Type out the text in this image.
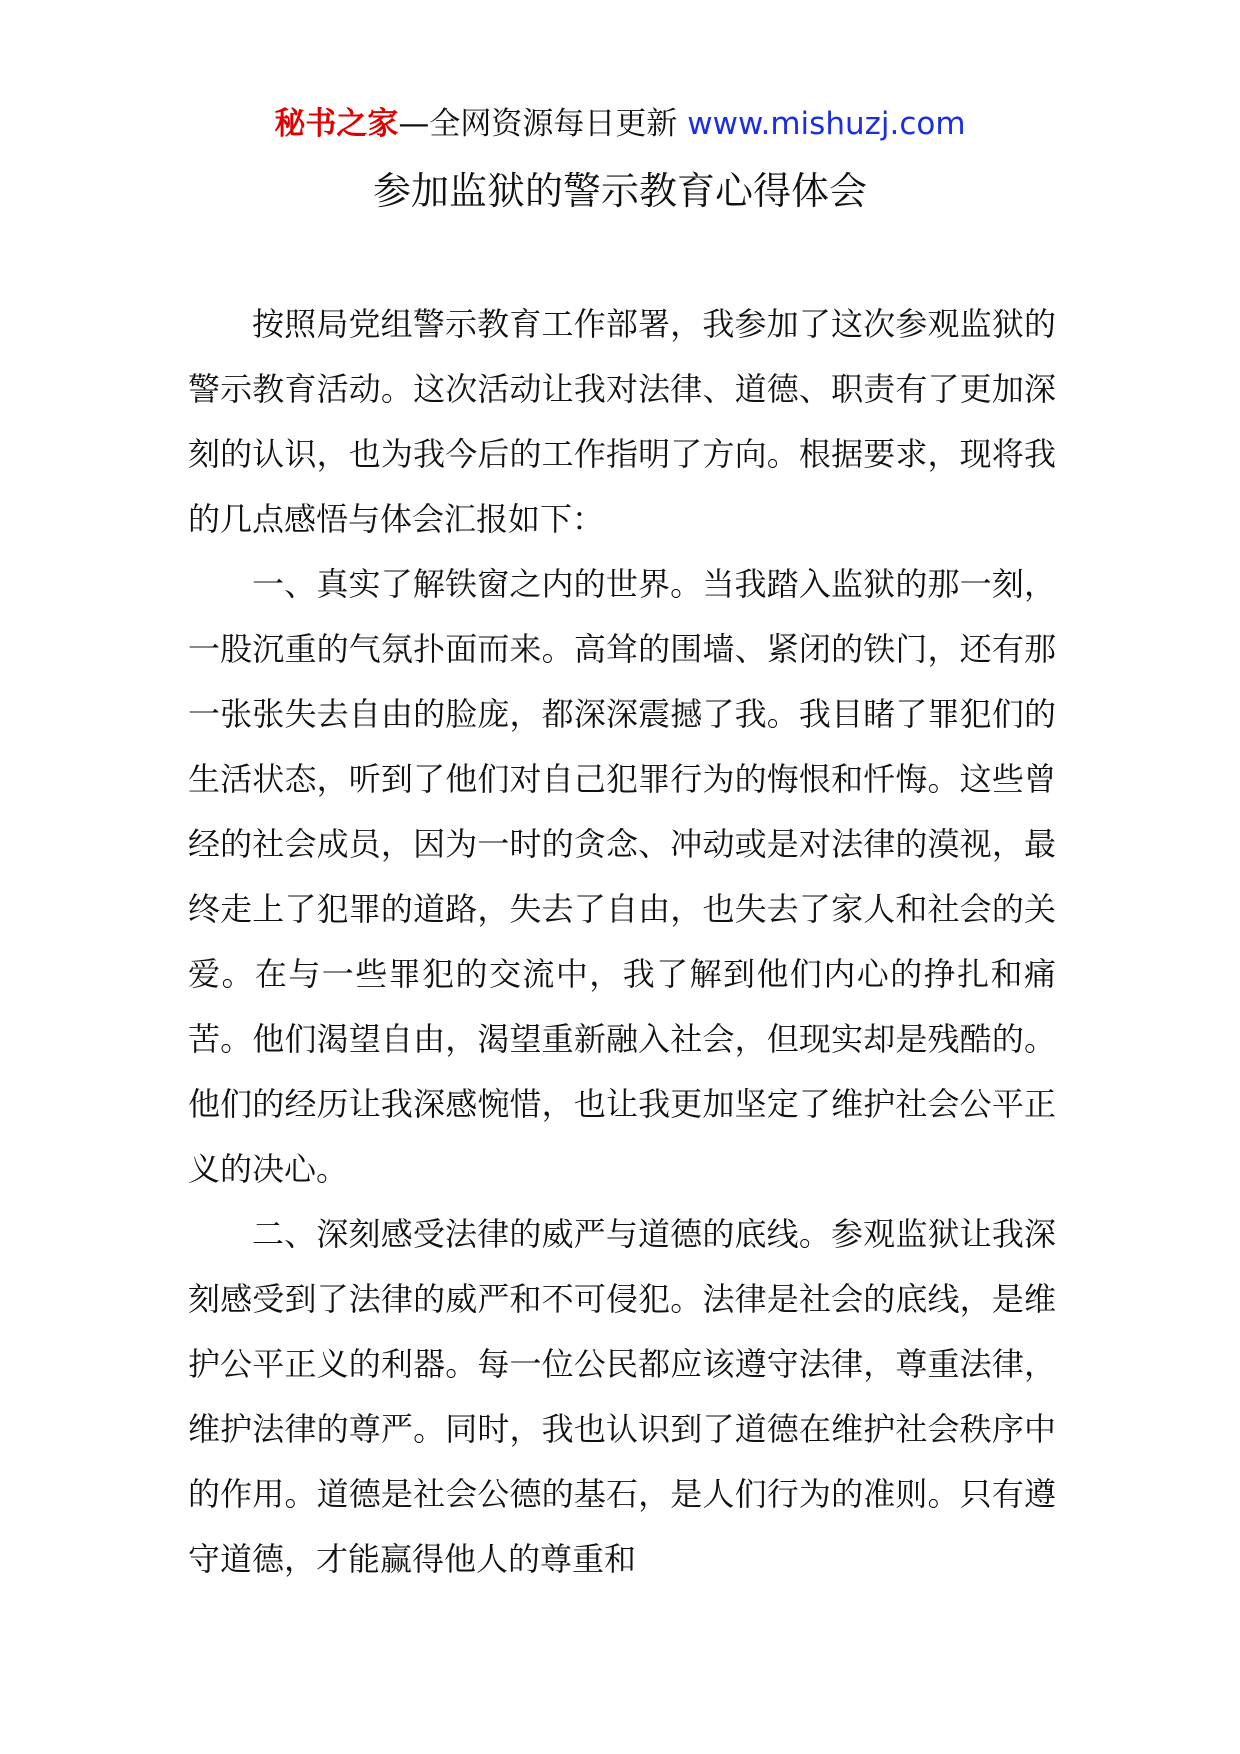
秘书之家—全网资源每日更新 www.mishuzj.com
参加监狱的警示教育心得体会

按照局党组警示教育工作部署，我参加了这次参观监狱的警示教育活动。这次活动让我对法律、道德、职责有了更加深刻的认识，也为我今后的工作指明了方向。根据要求，现将我的几点感悟与体会汇报如下：

一、真实了解铁窗之内的世界。当我踏入监狱的那一刻，一股沉重的气氛扑面而来。高耸的围墙、紧闭的铁门，还有那一张张失去自由的脸庞，都深深震撼了我。我目睹了罪犯们的生活状态，听到了他们对自己犯罪行为的悔恨和忏悔。这些曾经的社会成员，因为一时的贪念、冲动或是对法律的漠视，最终走上了犯罪的道路，失去了自由，也失去了家人和社会的关爱。在与一些罪犯的交流中，我了解到他们内心的挣扎和痛苦。他们渴望自由，渴望重新融入社会，但现实却是残酷的。他们的经历让我深感惋惜，也让我更加坚定了维护社会公平正义的决心。

二、深刻感受法律的威严与道德的底线。参观监狱让我深刻感受到了法律的威严和不可侵犯。法律是社会的底线，是维护公平正义的利器。每一位公民都应该遵守法律，尊重法律，维护法律的尊严。同时，我也认识到了道德在维护社会秩序中的作用。道德是社会公德的基石，是人们行为的准则。只有遵守道德，才能赢得他人的尊重和
